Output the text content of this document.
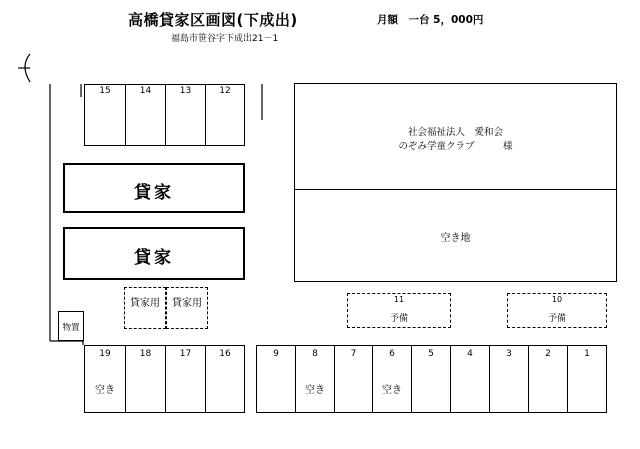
高橋貸家区画図(下成出)
福島市笹谷字下成出21－1
月額　一台 5，000円
15	14	13	12
貸家
貸家
貸家用	貸家用
物置
社会福祉法人　愛和会
のぞみ学童クラブ　　　様
空き地
11
予備
10
予備
19
空き
18	17	16	9	8
空き
7	6
空き
5	4	3	2	1
